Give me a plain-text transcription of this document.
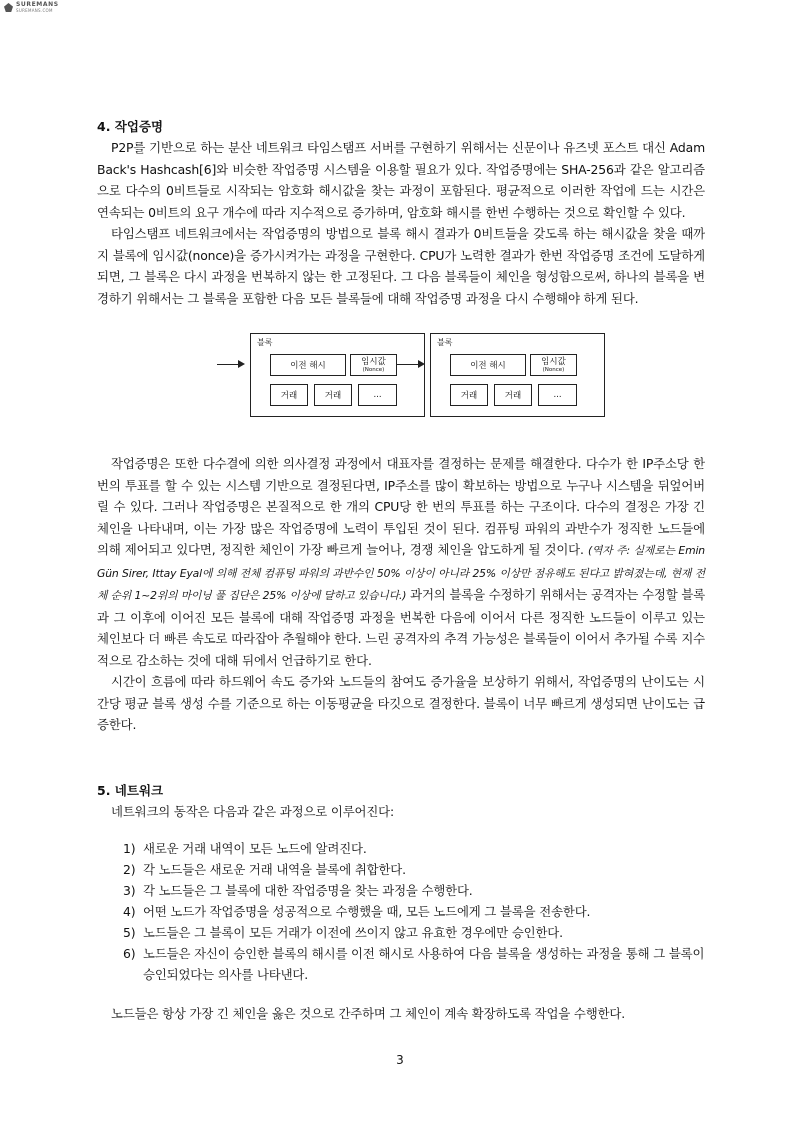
SUREMANS
SUREMANS.COM
4. 작업증명

P2P를 기반으로 하는 분산 네트워크 타임스탬프 서버를 구현하기 위해서는 신문이나 유즈넷 포스트 대신 Adam Back's Hashcash[6]와 비슷한 작업증명 시스템을 이용할 필요가 있다. 작업증명에는 SHA-256과 같은 알고리즘으로 다수의 0비트들로 시작되는 암호화 해시값을 찾는 과정이 포함된다. 평균적으로 이러한 작업에 드는 시간은 연속되는 0비트의 요구 개수에 따라 지수적으로 증가하며, 암호화 해시를 한번 수행하는 것으로 확인할 수 있다.

타임스탬프 네트워크에서는 작업증명의 방법으로 블록 해시 결과가 0비트들을 갖도록 하는 해시값을 찾을 때까지 블록에 임시값(nonce)을 증가시켜가는 과정을 구현한다. CPU가 노력한 결과가 한번 작업증명 조건에 도달하게 되면, 그 블록은 다시 과정을 번복하지 않는 한 고정된다. 그 다음 블록들이 체인을 형성함으로써, 하나의 블록을 변경하기 위해서는 그 블록을 포함한 다음 모든 블록들에 대해 작업증명 과정을 다시 수행해야 하게 된다.

블록
이전 해시	임시값
(Nonce)
거래	거래	...
블록
이전 해시	임시값
(Nonce)
거래	거래	...

작업증명은 또한 다수결에 의한 의사결정 과정에서 대표자를 결정하는 문제를 해결한다. 다수가 한 IP주소당 한번의 투표를 할 수 있는 시스템 기반으로 결정된다면, IP주소를 많이 확보하는 방법으로 누구나 시스템을 뒤엎어버릴 수 있다. 그러나 작업증명은 본질적으로 한 개의 CPU당 한 번의 투표를 하는 구조이다. 다수의 결정은 가장 긴 체인을 나타내며, 이는 가장 많은 작업증명에 노력이 투입된 것이 된다. 컴퓨팅 파워의 과반수가 정직한 노드들에 의해 제어되고 있다면, 정직한 체인이 가장 빠르게 늘어나, 경쟁 체인을 압도하게 될 것이다. (역자 주: 실제로는 Emin Gün Sirer, Ittay Eyal에 의해 전체 컴퓨팅 파워의 과반수인 50% 이상이 아니라 25% 이상만 점유해도 된다고 밝혀졌는데, 현재 전체 순위 1~2위의 마이닝 풀 집단은 25% 이상에 달하고 있습니다.) 과거의 블록을 수정하기 위해서는 공격자는 수정할 블록과 그 이후에 이어진 모든 블록에 대해 작업증명 과정을 번복한 다음에 이어서 다른 정직한 노드들이 이루고 있는 체인보다 더 빠른 속도로 따라잡아 추월해야 한다. 느린 공격자의 추격 가능성은 블록들이 이어서 추가될 수록 지수적으로 감소하는 것에 대해 뒤에서 언급하기로 한다.

시간이 흐름에 따라 하드웨어 속도 증가와 노드들의 참여도 증가율을 보상하기 위해서, 작업증명의 난이도는 시간당 평균 블록 생성 수를 기준으로 하는 이동평균을 타깃으로 결정한다. 블록이 너무 빠르게 생성되면 난이도는 급증한다.

5. 네트워크

네트워크의 동작은 다음과 같은 과정으로 이루어진다:

1) 새로운 거래 내역이 모든 노드에 알려진다.
2) 각 노드들은 새로운 거래 내역을 블록에 취합한다.
3) 각 노드들은 그 블록에 대한 작업증명을 찾는 과정을 수행한다.
4) 어떤 노드가 작업증명을 성공적으로 수행했을 때, 모든 노드에게 그 블록을 전송한다.
5) 노드들은 그 블록이 모든 거래가 이전에 쓰이지 않고 유효한 경우에만 승인한다.
6) 노드들은 자신이 승인한 블록의 해시를 이전 해시로 사용하여 다음 블록을 생성하는 과정을 통해 그 블록이 승인되었다는 의사를 나타낸다.

노드들은 항상 가장 긴 체인을 옳은 것으로 간주하며 그 체인이 계속 확장하도록 작업을 수행한다.

3
